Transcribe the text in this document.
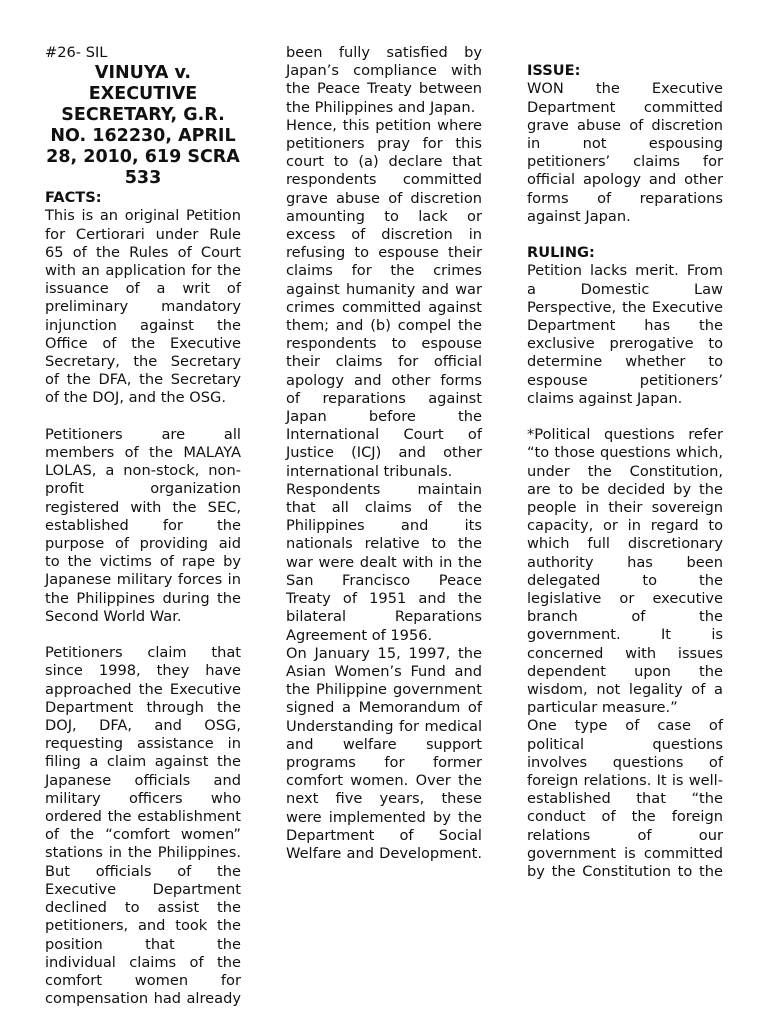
#26- SIL
VINUYA v. EXECUTIVE SECRETARY, G.R. NO. 162230, APRIL 28, 2010, 619 SCRA 533
FACTS:

This is an original Petition for Certiorari under Rule 65 of the Rules of Court with an application for the issuance of a writ of preliminary mandatory injunction against the Office of the Executive Secretary, the Secretary of the DFA, the Secretary of the DOJ, and the OSG.

Petitioners are all members of the MALAYA LOLAS, a non-stock, non-profit organization registered with the SEC, established for the purpose of providing aid to the victims of rape by Japanese military forces in the Philippines during the Second World War.

Petitioners claim that since 1998, they have approached the Executive Department through the DOJ, DFA, and OSG, requesting assistance in filing a claim against the Japanese officials and military officers who ordered the establishment of the “comfort women” stations in the Philippines. But officials of the Executive Department declined to assist the petitioners, and took the position that the individual claims of the comfort women for compensation had already

been fully satisfied by Japan’s compliance with the Peace Treaty between the Philippines and Japan.

Hence, this petition where petitioners pray for this court to (a) declare that respondents committed grave abuse of discretion amounting to lack or excess of discretion in refusing to espouse their claims for the crimes against humanity and war crimes committed against them; and (b) compel the respondents to espouse their claims for official apology and other forms of reparations against Japan before the International Court of Justice (ICJ) and other international tribunals.

Respondents maintain that all claims of the Philippines and its nationals relative to the war were dealt with in the San Francisco Peace Treaty of 1951 and the bilateral Reparations Agreement of 1956.

On January 15, 1997, the Asian Women’s Fund and the Philippine government signed a Memorandum of Understanding for medical and welfare support programs for former comfort women. Over the next five years, these were implemented by the Department of Social Welfare and Development.

ISSUE:

WON the Executive Department committed grave abuse of discretion in not espousing petitioners’ claims for official apology and other forms of reparations against Japan.

RULING:

Petition lacks merit. From a Domestic Law Perspective, the Executive Department has the exclusive prerogative to determine whether to espouse petitioners’ claims against Japan.

*Political questions refer “to those questions which, under the Constitution, are to be decided by the people in their sovereign capacity, or in regard to which full discretionary authority has been delegated to the legislative or executive branch of the government. It is concerned with issues dependent upon the wisdom, not legality of a particular measure.”

One type of case of political questions involves questions of foreign relations. It is well-established that “the conduct of the foreign relations of our government is committed by the Constitution to the
